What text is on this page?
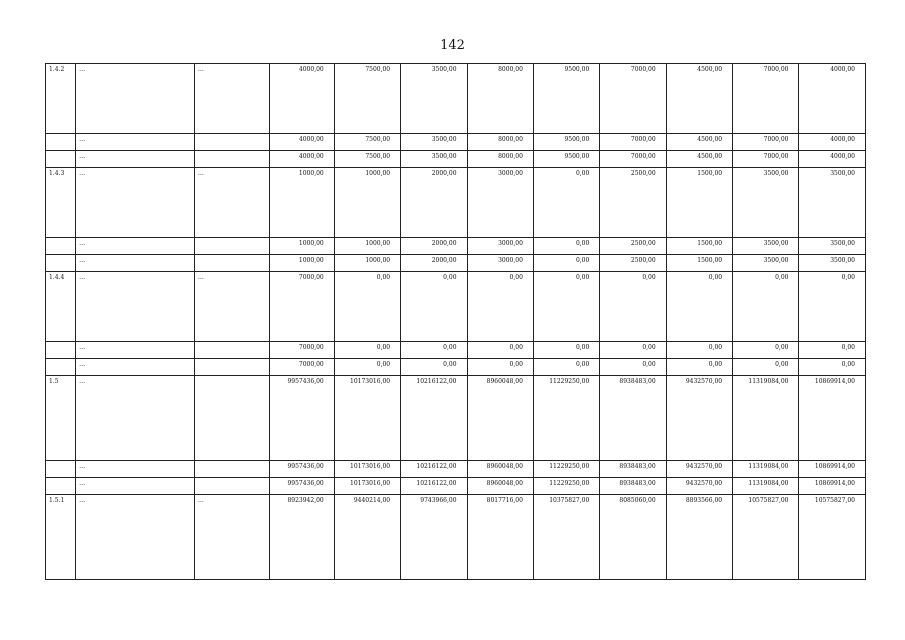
142
1.4.2	…	…	4000,00	7500,00	3500,00	8000,00	9500,00	7000,00	4500,00	7000,00	4000,00
	…		4000,00	7500,00	3500,00	8000,00	9500,00	7000,00	4500,00	7000,00	4000,00
	…		4000,00	7500,00	3500,00	8000,00	9500,00	7000,00	4500,00	7000,00	4000,00
1.4.3	…	…	1000,00	1000,00	2000,00	3000,00	0,00	2500,00	1500,00	3500,00	3500,00
	…		1000,00	1000,00	2000,00	3000,00	0,00	2500,00	1500,00	3500,00	3500,00
	…		1000,00	1000,00	2000,00	3000,00	0,00	2500,00	1500,00	3500,00	3500,00
1.4.4	…	…	7000,00	0,00	0,00	0,00	0,00	0,00	0,00	0,00	0,00
	…		7000,00	0,00	0,00	0,00	0,00	0,00	0,00	0,00	0,00
	…		7000,00	0,00	0,00	0,00	0,00	0,00	0,00	0,00	0,00
1.5	…		9957436,00	10173016,00	10216122,00	8960048,00	11229250,00	8938483,00	9432570,00	11319084,00	10869914,00
	…		9957436,00	10173016,00	10216122,00	8960048,00	11229250,00	8938483,00	9432570,00	11319084,00	10869914,00
	…		9957436,00	10173016,00	10216122,00	8960048,00	11229250,00	8938483,00	9432570,00	11319084,00	10869914,00
1.5.1	…	…	8923942,00	9440214,00	9743966,00	8017716,00	10375827,00	8085060,00	8893566,00	10575827,00	10575827,00
